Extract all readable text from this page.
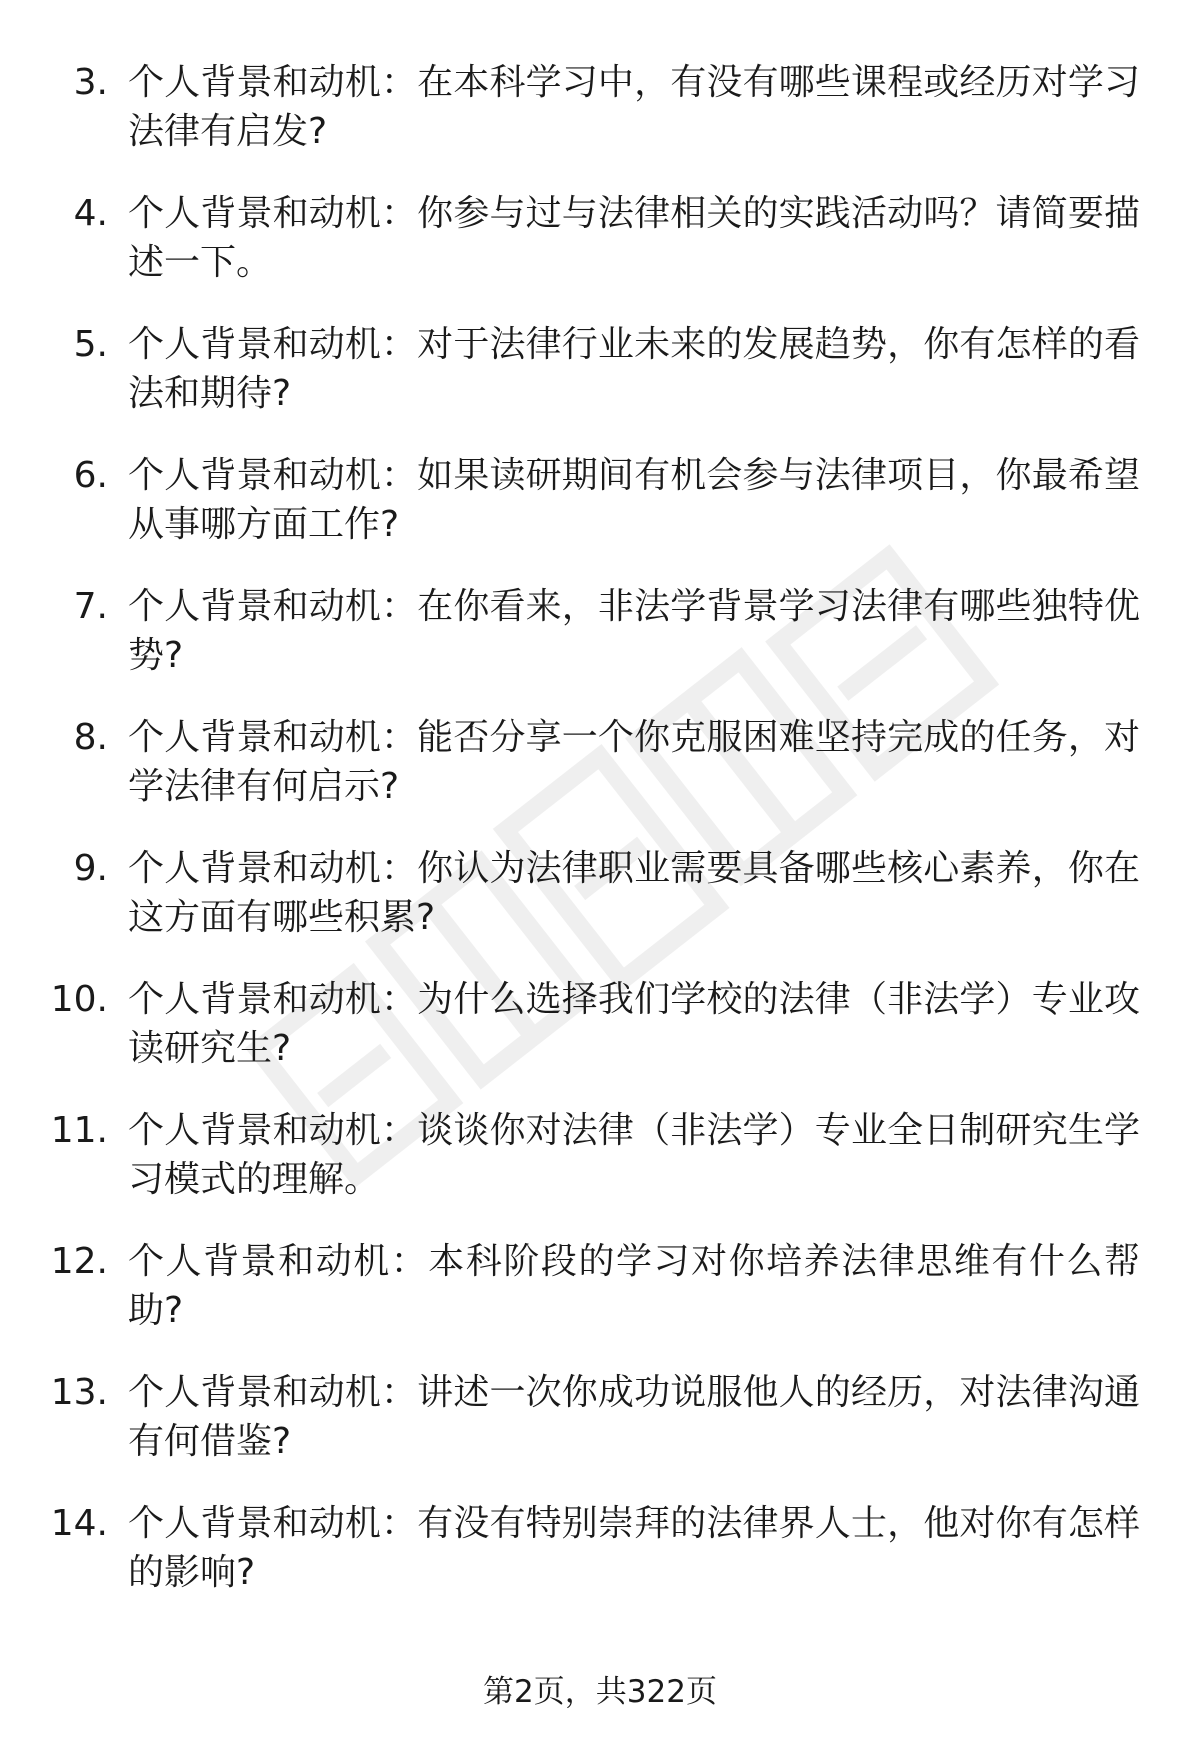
3. 个人背景和动机：在本科学习中，有没有哪些课程或经历对学习法律有启发?
4. 个人背景和动机：你参与过与法律相关的实践活动吗？请简要描述一下。
5. 个人背景和动机：对于法律行业未来的发展趋势，你有怎样的看法和期待?
6. 个人背景和动机：如果读研期间有机会参与法律项目，你最希望从事哪方面工作?
7. 个人背景和动机：在你看来，非法学背景学习法律有哪些独特优势?
8. 个人背景和动机：能否分享一个你克服困难坚持完成的任务，对学法律有何启示?
9. 个人背景和动机：你认为法律职业需要具备哪些核心素养，你在这方面有哪些积累?
10. 个人背景和动机：为什么选择我们学校的法律（非法学）专业攻读研究生?
11. 个人背景和动机：谈谈你对法律（非法学）专业全日制研究生学习模式的理解。
12. 个人背景和动机：本科阶段的学习对你培养法律思维有什么帮助?
13. 个人背景和动机：讲述一次你成功说服他人的经历，对法律沟通有何借鉴?
14. 个人背景和动机：有没有特别崇拜的法律界人士，他对你有怎样的影响?
第2页，共322页
